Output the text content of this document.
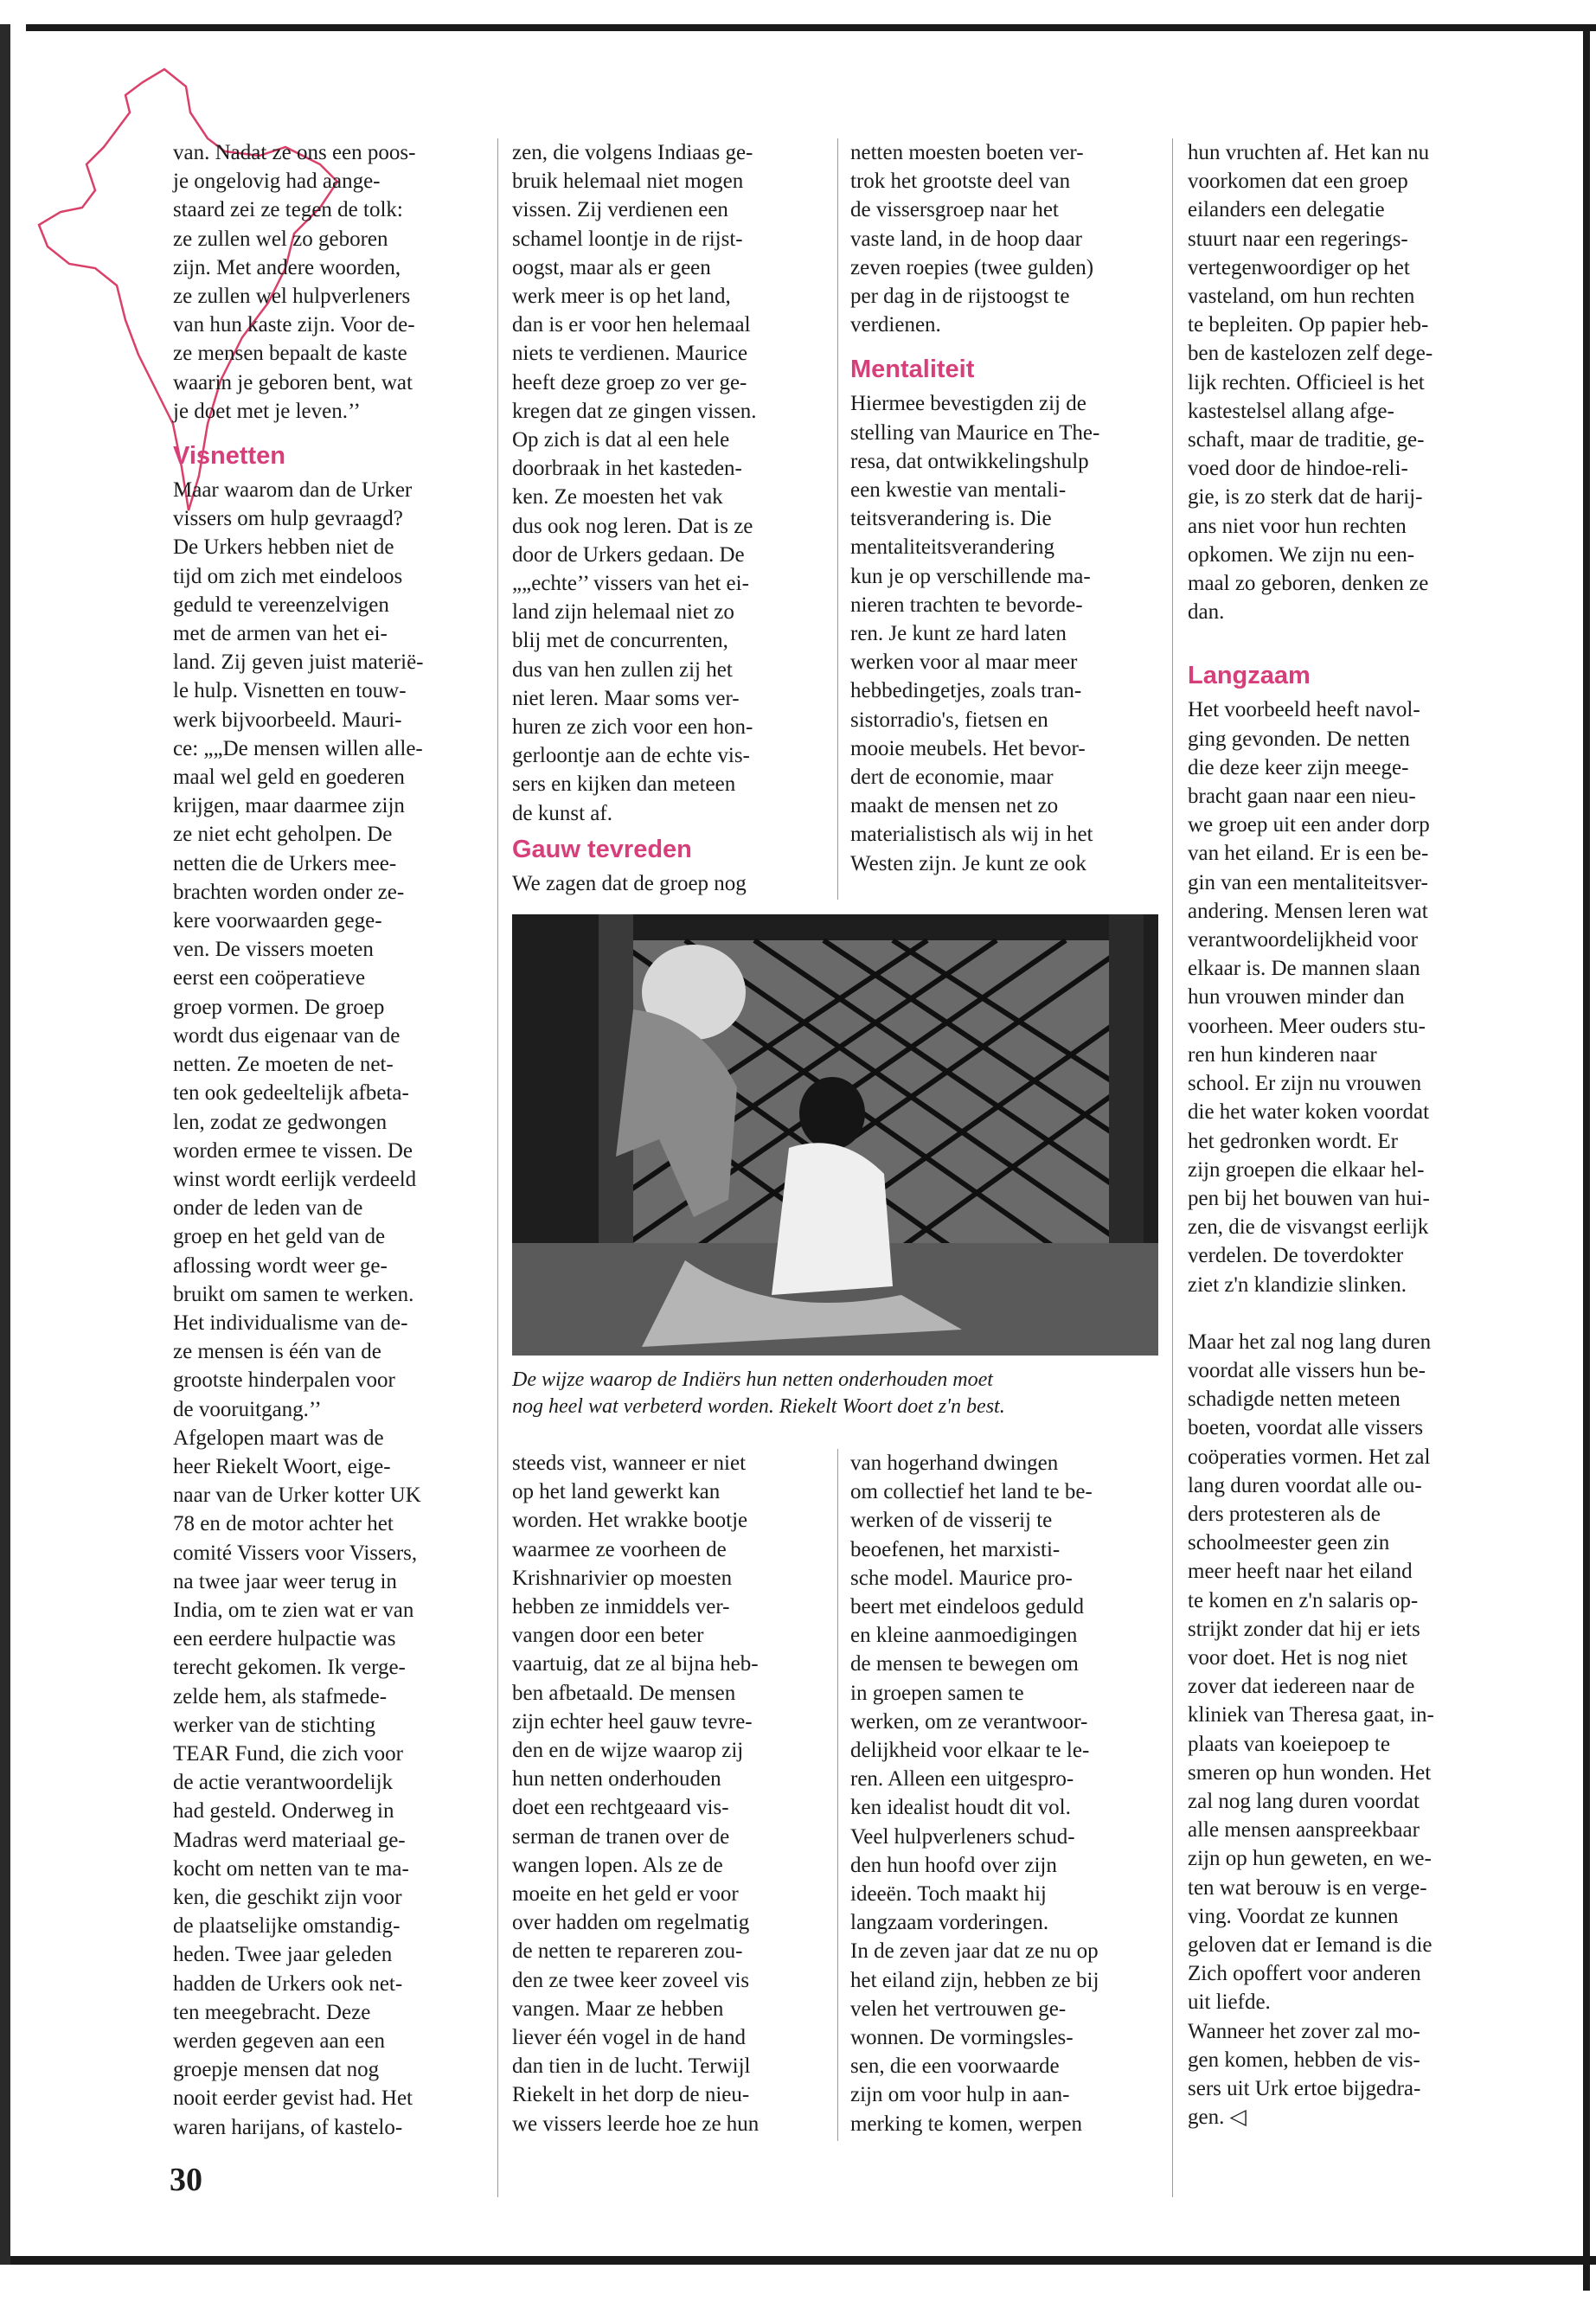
van. Nadat ze ons een poos-

je ongelovig had aange-

staard zei ze tegen de tolk:

ze zullen wel zo geboren

zijn. Met andere woorden,

ze zullen wel hulpverleners

van hun kaste zijn. Voor de-

ze mensen bepaalt de kaste

waarin je geboren bent, wat

je doet met je leven.’’

Visnetten

Maar waarom dan de Urker

vissers om hulp gevraagd?

De Urkers hebben niet de

tijd om zich met eindeloos

geduld te vereenzelvigen

met de armen van het ei-

land. Zij geven juist materië-

le hulp. Visnetten en touw-

werk bijvoorbeeld. Mauri-

ce: „„De mensen willen alle-

maal wel geld en goederen

krijgen, maar daarmee zijn

ze niet echt geholpen. De

netten die de Urkers mee-

brachten worden onder ze-

kere voorwaarden gege-

ven. De vissers moeten

eerst een coöperatieve

groep vormen. De groep

wordt dus eigenaar van de

netten. Ze moeten de net-

ten ook gedeeltelijk afbeta-

len, zodat ze gedwongen

worden ermee te vissen. De

winst wordt eerlijk verdeeld

onder de leden van de

groep en het geld van de

aflossing wordt weer ge-

bruikt om samen te werken.

Het individualisme van de-

ze mensen is één van de

grootste hinderpalen voor

de vooruitgang.’’

Afgelopen maart was de

heer Riekelt Woort, eige-

naar van de Urker kotter UK

78 en de motor achter het

comité Vissers voor Vissers,

na twee jaar weer terug in

India, om te zien wat er van

een eerdere hulpactie was

terecht gekomen. Ik verge-

zelde hem, als stafmede-

werker van de stichting

TEAR Fund, die zich voor

de actie verantwoordelijk

had gesteld. Onderweg in

Madras werd materiaal ge-

kocht om netten van te ma-

ken, die geschikt zijn voor

de plaatselijke omstandig-

heden. Twee jaar geleden

hadden de Urkers ook net-

ten meegebracht. Deze

werden gegeven aan een

groepje mensen dat nog

nooit eerder gevist had. Het

waren harijans, of kastelo-

zen, die volgens Indiaas ge-

bruik helemaal niet mogen

vissen. Zij verdienen een

schamel loontje in de rijst-

oogst, maar als er geen

werk meer is op het land,

dan is er voor hen helemaal

niets te verdienen. Maurice

heeft deze groep zo ver ge-

kregen dat ze gingen vissen.

Op zich is dat al een hele

doorbraak in het kastеden-

ken. Ze moesten het vak

dus ook nog leren. Dat is ze

door de Urkers gedaan. De

„„echte’’ vissers van het ei-

land zijn helemaal niet zo

blij met de concurrenten,

dus van hen zullen zij het

niet leren. Maar soms ver-

huren ze zich voor een hon-

gerloontje aan de echte vis-

sers en kijken dan meteen

de kunst af.

Gauw tevreden

We zagen dat de groep nog

netten moesten boeten ver-

trok het grootste deel van

de vissersgroep naar het

vaste land, in de hoop daar

zeven roepies (twee gulden)

per dag in de rijstoogst te

verdienen.

Mentaliteit

Hiermee bevestigden zij de

stelling van Maurice en The-

resa, dat ontwikkelingshulp

een kwestie van mentali-

teitsverandering is. Die

mentaliteitsverandering

kun je op verschillende ma-

nieren trachten te bevorde-

ren. Je kunt ze hard laten

werken voor al maar meer

hebbedingetjes, zoals tran-

sistorradio's, fietsen en

mooie meubels. Het bevor-

dert de economie, maar

maakt de mensen net zo

materialistisch als wij in het

Westen zijn. Je kunt ze ook

De wijze waarop de Indiërs hun netten onderhouden moet
nog heel wat verbeterd worden. Riekelt Woort doet z'n best.

steeds vist, wanneer er niet

op het land gewerkt kan

worden. Het wrakke bootje

waarmee ze voorheen de

Krishnarivier op moesten

hebben ze inmiddels ver-

vangen door een beter

vaartuig, dat ze al bijna heb-

ben afbetaald. De mensen

zijn echter heel gauw tevre-

den en de wijze waarop zij

hun netten onderhouden

doet een rechtgeaard vis-

serman de tranen over de

wangen lopen. Als ze de

moeite en het geld er voor

over hadden om regelmatig

de netten te repareren zou-

den ze twee keer zoveel vis

vangen. Maar ze hebben

liever één vogel in de hand

dan tien in de lucht. Terwijl

Riekelt in het dorp de nieu-

we vissers leerde hoe ze hun

van hogerhand dwingen

om collectief het land te be-

werken of de visserij te

beoefenen, het marxisti-

sche model. Maurice pro-

beert met eindeloos geduld

en kleine aanmoedigingen

de mensen te bewegen om

in groepen samen te

werken, om ze verantwoor-

delijkheid voor elkaar te le-

ren. Alleen een uitgespro-

ken idealist houdt dit vol.

Veel hulpverleners schud-

den hun hoofd over zijn

ideeën. Toch maakt hij

langzaam vorderingen.

In de zeven jaar dat ze nu op

het eiland zijn, hebben ze bij

velen het vertrouwen ge-

wonnen. De vormingsles-

sen, die een voorwaarde

zijn om voor hulp in aan-

merking te komen, werpen

hun vruchten af. Het kan nu

voorkomen dat een groep

eilanders een delegatie

stuurt naar een regerings-

vertegenwoordiger op het

vasteland, om hun rechten

te bepleiten. Op papier heb-

ben de kastelozen zelf dege-

lijk rechten. Officieel is het

kastestelsel allang afge-

schaft, maar de traditie, ge-

voed door de hindoe-reli-

gie, is zo sterk dat de harij-

ans niet voor hun rechten

opkomen. We zijn nu een-

maal zo geboren, denken ze

dan.

Langzaam

Het voorbeeld heeft navol-

ging gevonden. De netten

die deze keer zijn meege-

bracht gaan naar een nieu-

we groep uit een ander dorp

van het eiland. Er is een be-

gin van een mentaliteitsver-

andering. Mensen leren wat

verantwoordelijkheid voor

elkaar is. De mannen slaan

hun vrouwen minder dan

voorheen. Meer ouders stu-

ren hun kinderen naar

school. Er zijn nu vrouwen

die het water koken voordat

het gedronken wordt. Er

zijn groepen die elkaar hel-

pen bij het bouwen van hui-

zen, die de visvangst eerlijk

verdelen. De toverdokter

ziet z'n klandizie slinken.

Maar het zal nog lang duren

voordat alle vissers hun be-

schadigde netten meteen

boeten, voordat alle vissers

coöperaties vormen. Het zal

lang duren voordat alle ou-

ders protesteren als de

schoolmeester geen zin

meer heeft naar het eiland

te komen en z'n salaris op-

strijkt zonder dat hij er iets

voor doet. Het is nog niet

zover dat iedereen naar de

kliniek van Theresa gaat, in-

plaats van koeiepoep te

smeren op hun wonden. Het

zal nog lang duren voordat

alle mensen aanspreekbaar

zijn op hun geweten, en we-

ten wat berouw is en verge-

ving. Voordat ze kunnen

geloven dat er Iemand is die

Zich opoffert voor anderen

uit liefde.

Wanneer het zover zal mo-

gen komen, hebben de vis-

sers uit Urk ertoe bijgedra-

gen. ◁

30
